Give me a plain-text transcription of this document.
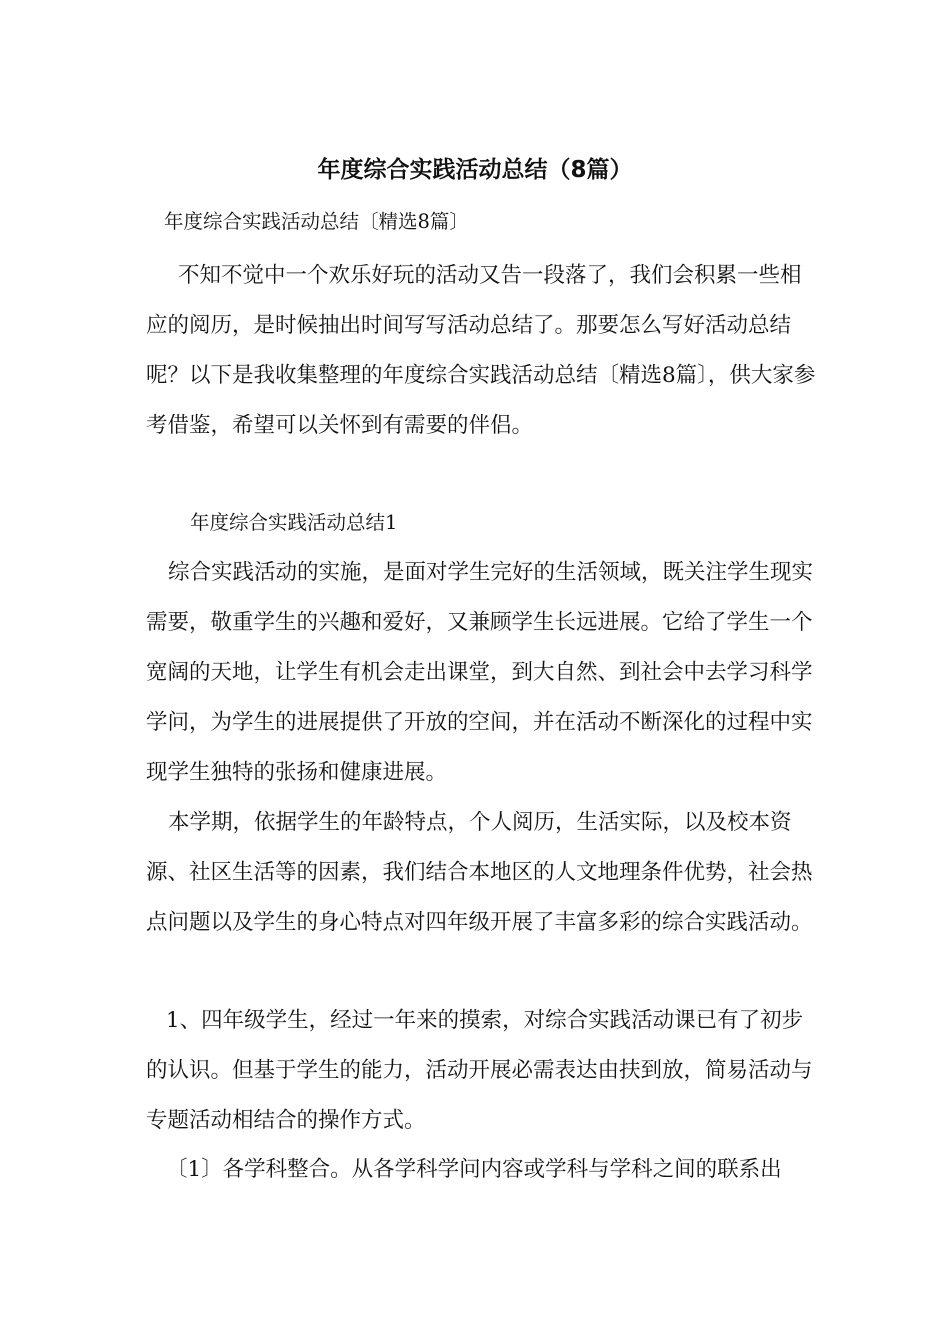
年度综合实践活动总结（8篇）
年度综合实践活动总结〔精选8篇〕

不知不觉中一个欢乐好玩的活动又告一段落了，我们会积累一些相应的阅历，是时候抽出时间写写活动总结了。那要怎么写好活动总结呢？以下是我收集整理的年度综合实践活动总结〔精选8篇〕，供大家参考借鉴，希望可以关怀到有需要的伴侣。

年度综合实践活动总结1

综合实践活动的实施，是面对学生完好的生活领域，既关注学生现实需要，敬重学生的兴趣和爱好，又兼顾学生长远进展。它给了学生一个宽阔的天地，让学生有机会走出课堂，到大自然、到社会中去学习科学学问，为学生的进展提供了开放的空间，并在活动不断深化的过程中实现学生独特的张扬和健康进展。

本学期，依据学生的年龄特点，个人阅历，生活实际，以及校本资源、社区生活等的因素，我们结合本地区的人文地理条件优势，社会热点问题以及学生的身心特点对四年级开展了丰富多彩的综合实践活动。

1、四年级学生，经过一年来的摸索，对综合实践活动课已有了初步的认识。但基于学生的能力，活动开展必需表达由扶到放，简易活动与专题活动相结合的操作方式。

〔1〕各学科整合。从各学科学问内容或学科与学科之间的联系出
